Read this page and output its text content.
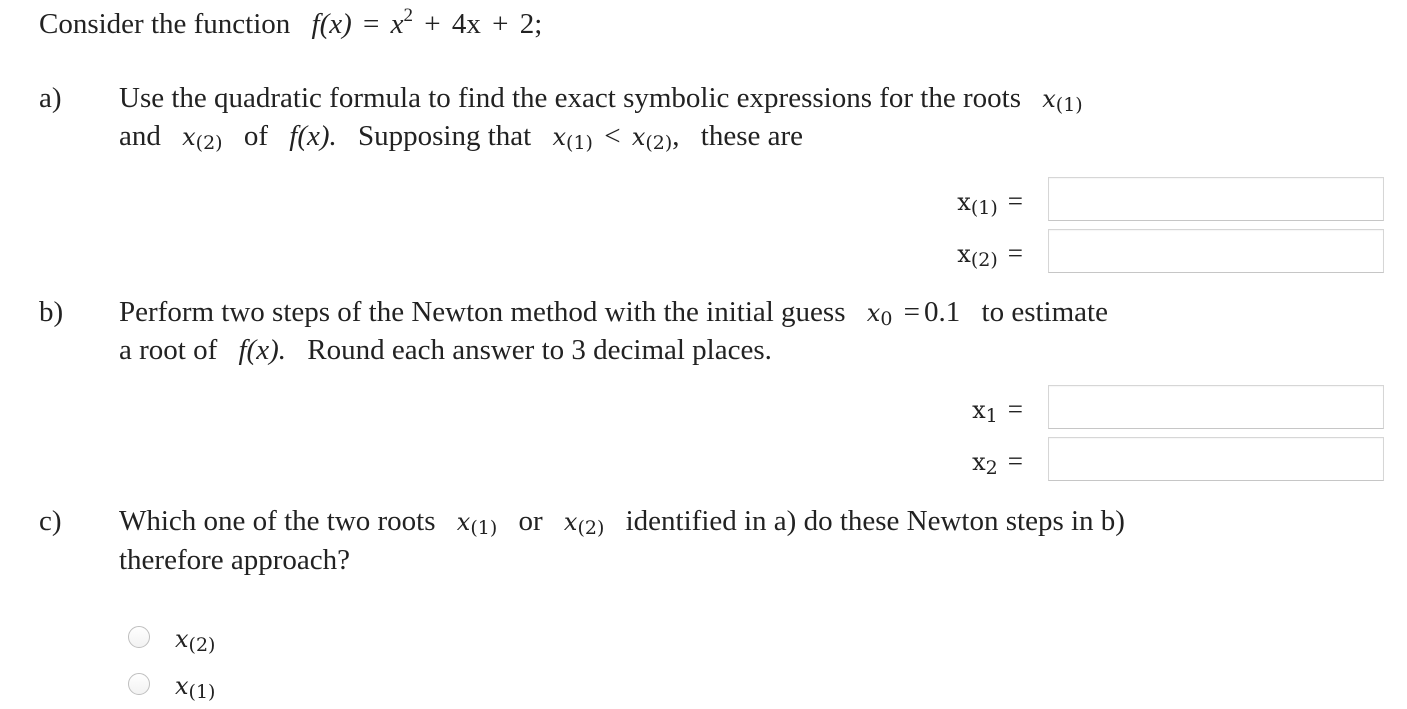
Consider the function $f(x) = x^2 + 4x + 2$;
a) Use the quadratic formula to find the exact symbolic expressions for the roots $x_{(1)}$
and $x_{(2)}$ of f(x). Supposing that $x_{(1)} < x_{(2)}$, these are
$x_{(1)}$ =
$x_{(2)}$ =
b) Perform two steps of the Newton method with the initial guess $x_0 = 0.1$ to estimate
a root of f(x). Round each answer to 3 decimal places.
$x_1$ =
$x_2$ =
c) Which one of the two roots $x_{(1)}$ or $x_{(2)}$ identified in a) do these Newton steps in b)
therefore approach?
$x_{(2)}$
$x_{(1)}$
